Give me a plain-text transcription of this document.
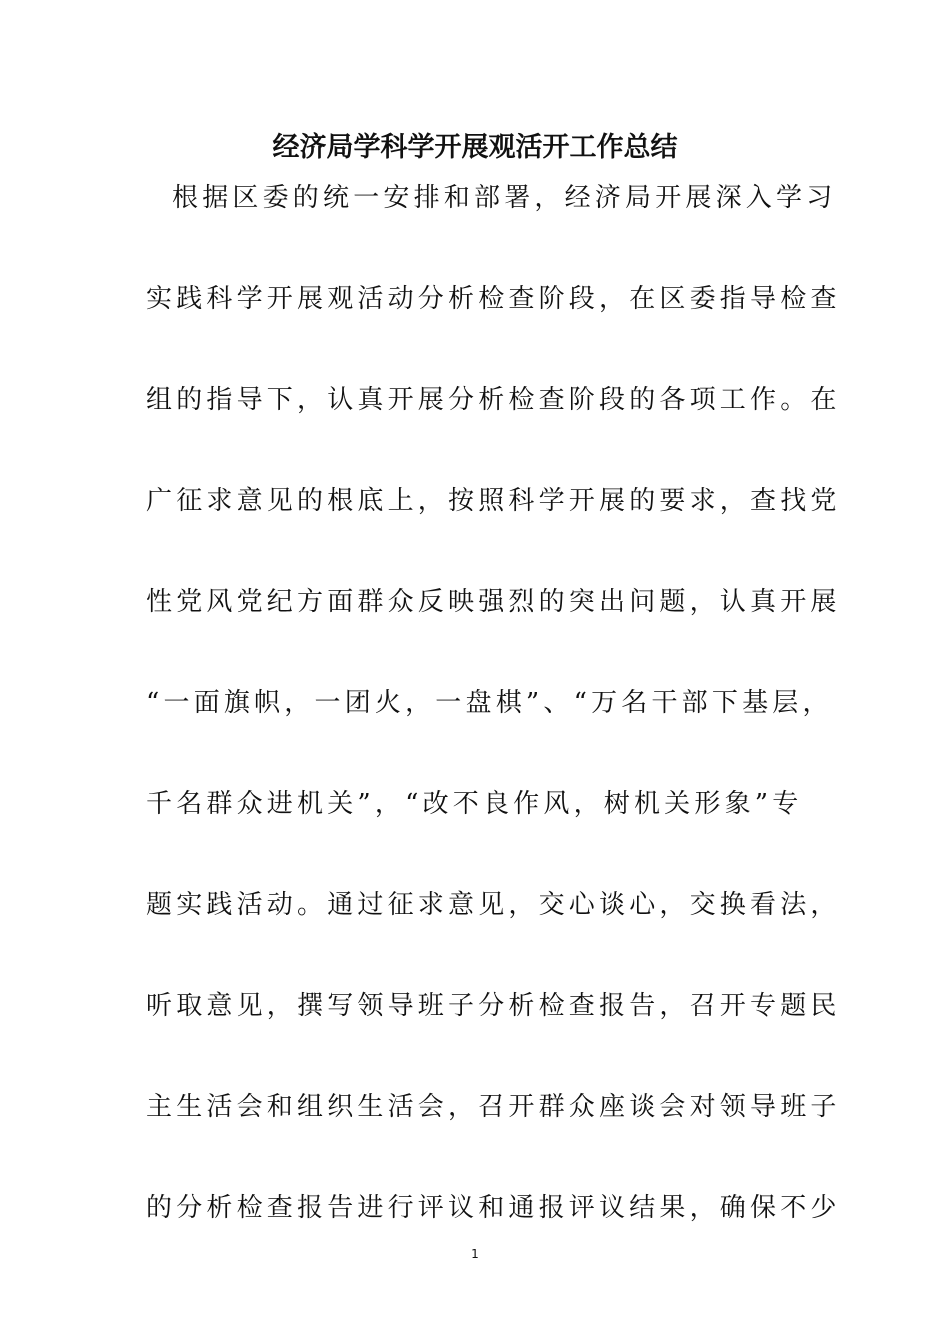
经济局学科学开展观活开工作总结
根据区委的统一安排和部署，经济局开展深入学习
实践科学开展观活动分析检查阶段，在区委指导检查
组的指导下，认真开展分析检查阶段的各项工作。在
广征求意见的根底上，按照科学开展的要求，查找党
性党风党纪方面群众反映强烈的突出问题，认真开展
“一面旗帜，一团火，一盘棋”、“万名干部下基层，
千名群众进机关”，“改不良作风，树机关形象”专
题实践活动。通过征求意见，交心谈心，交换看法，
听取意见，撰写领导班子分析检查报告，召开专题民
主生活会和组织生活会，召开群众座谈会对领导班子
的分析检查报告进行评议和通报评议结果，确保不少
1
